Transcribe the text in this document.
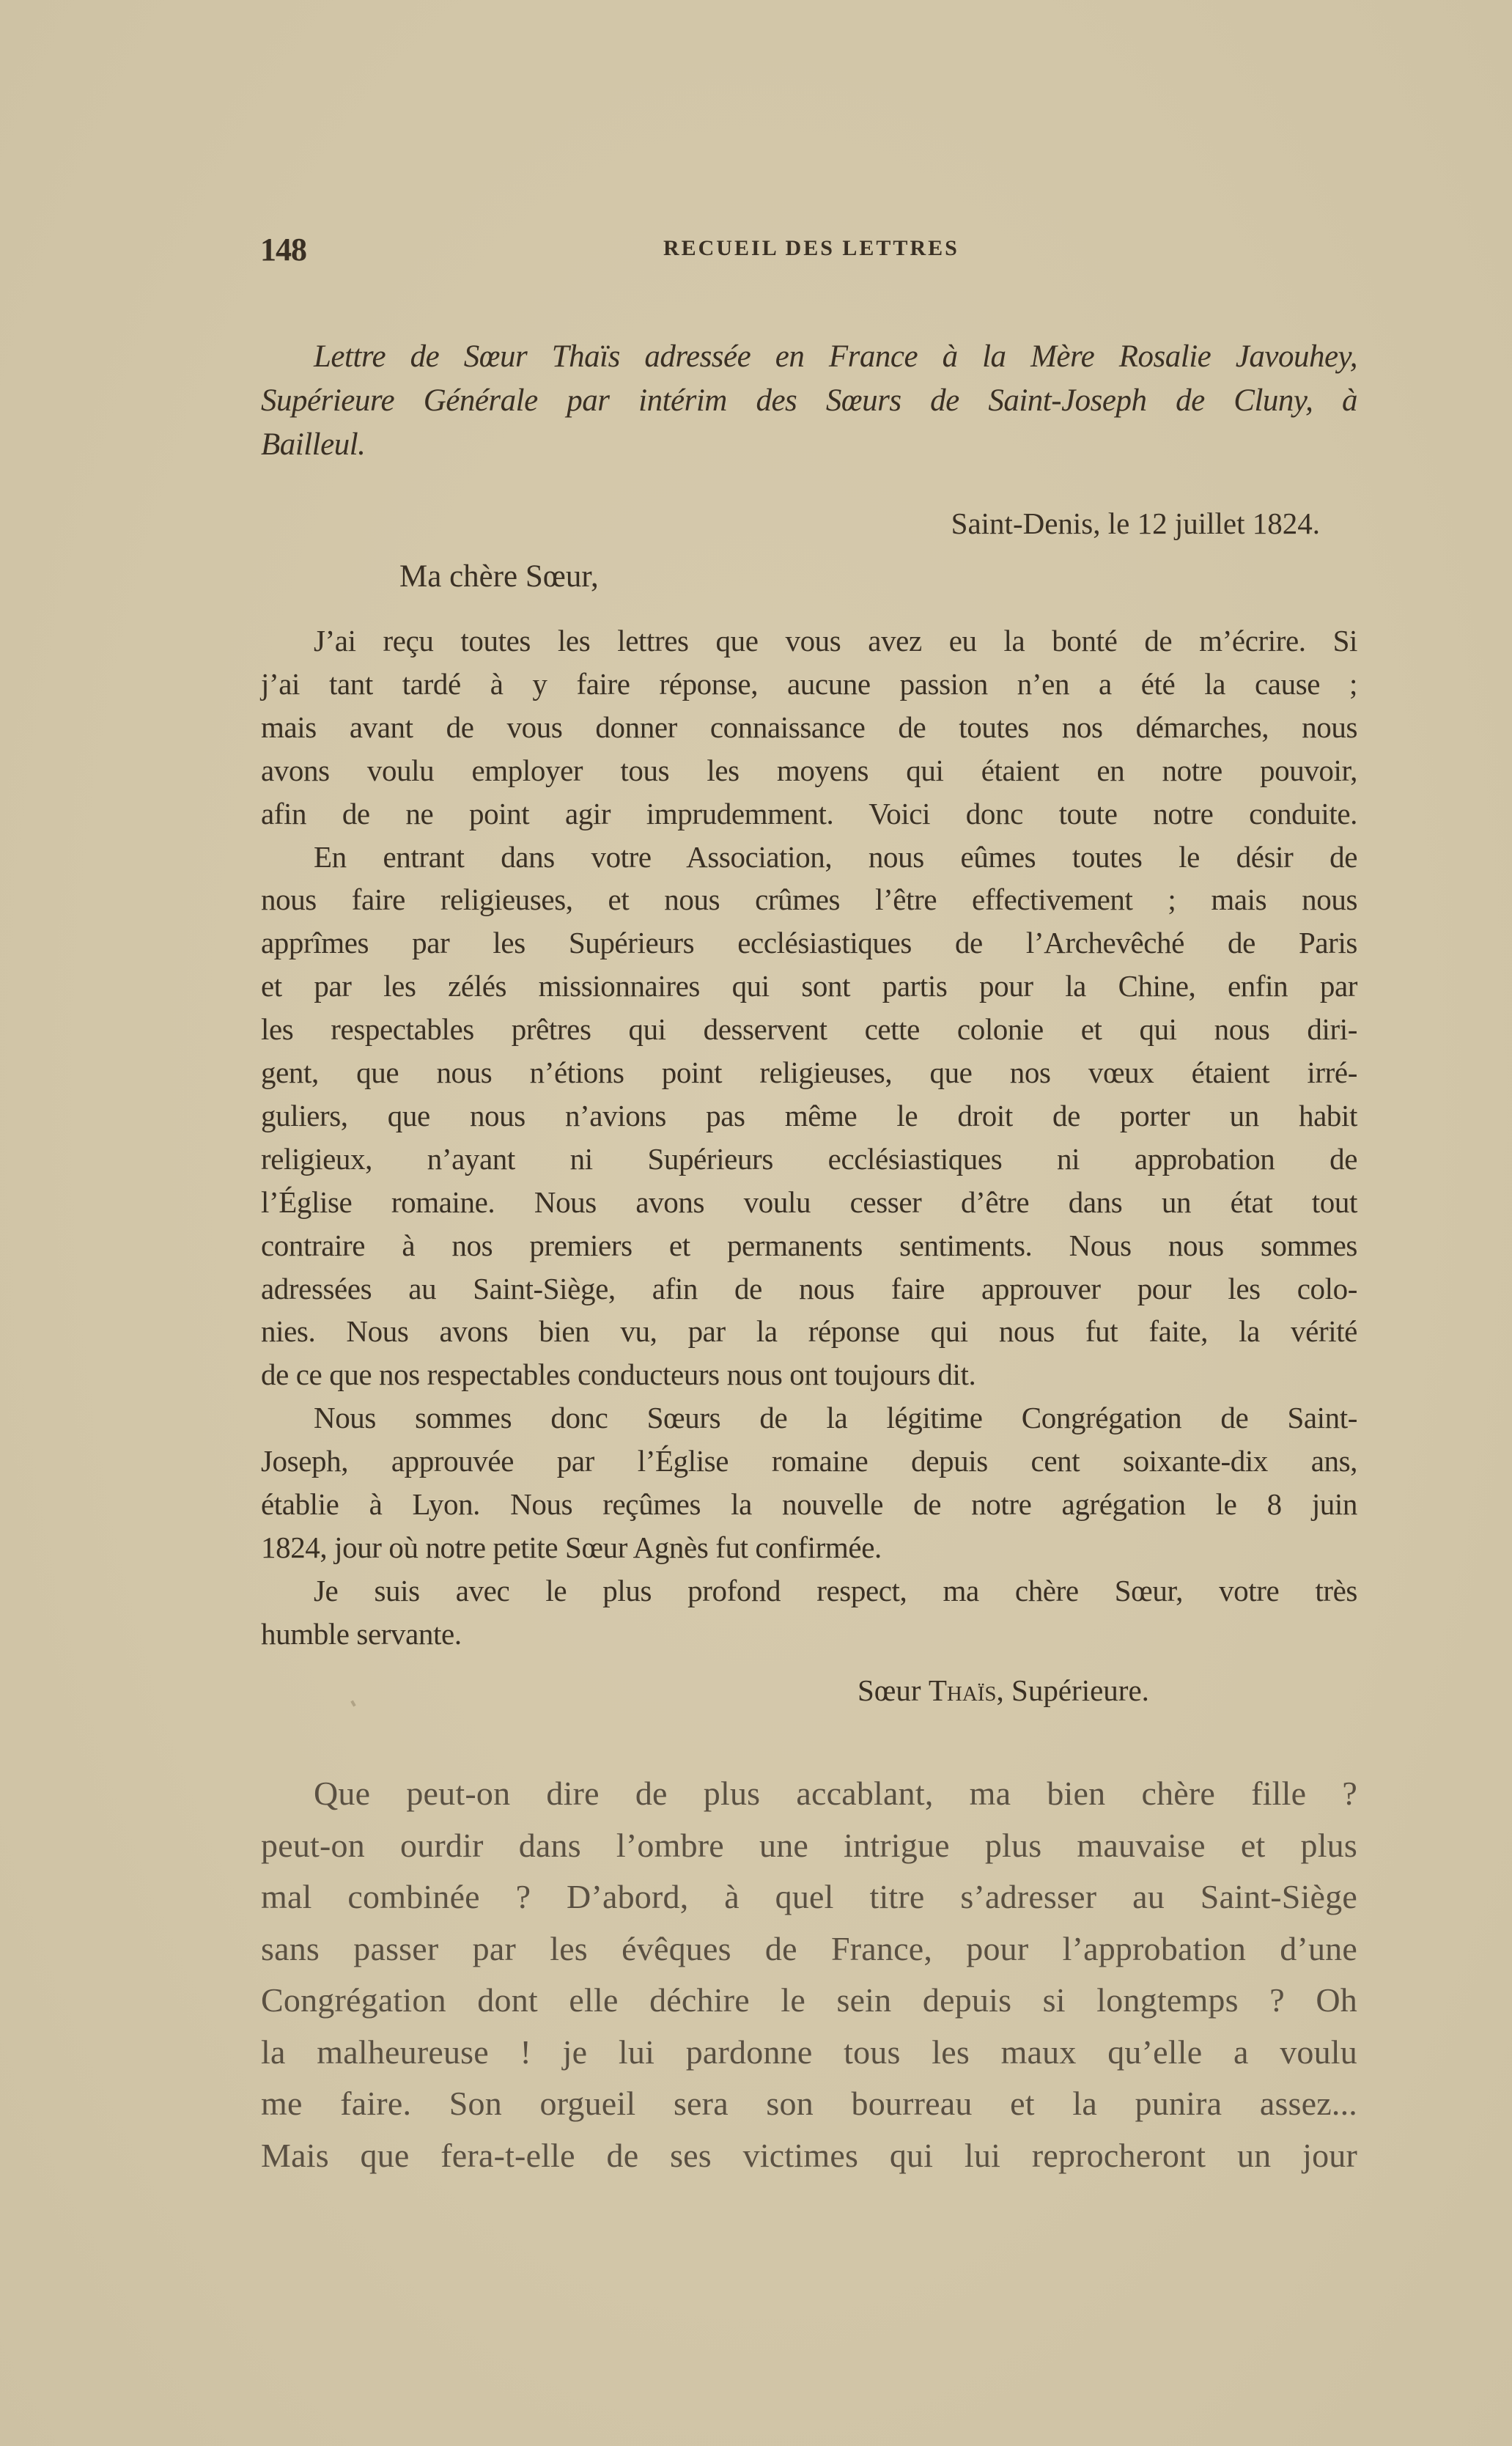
148	RECUEIL DES LETTRES
Lettre de Sœur Thaïs adressée en France à la Mère Rosalie Javouhey,
Supérieure Générale par intérim des Sœurs de Saint-Joseph de Cluny, à
Bailleul.
Saint-Denis, le 12 juillet 1824.
Ma chère Sœur,
J’ai reçu toutes les lettres que vous avez eu la bonté de m’écrire. Si
j’ai tant tardé à y faire réponse, aucune passion n’en a été la cause ;
mais avant de vous donner connaissance de toutes nos démarches, nous
avons voulu employer tous les moyens qui étaient en notre pouvoir,
afin de ne point agir imprudemment. Voici donc toute notre conduite.
En entrant dans votre Association, nous eûmes toutes le désir de
nous faire religieuses, et nous crûmes l’être effectivement ; mais nous
apprîmes par les Supérieurs ecclésiastiques de l’Archevêché de Paris
et par les zélés missionnaires qui sont partis pour la Chine, enfin par
les respectables prêtres qui desservent cette colonie et qui nous diri-
gent, que nous n’étions point religieuses, que nos vœux étaient irré-
guliers, que nous n’avions pas même le droit de porter un habit
religieux, n’ayant ni Supérieurs ecclésiastiques ni approbation de
l’Église romaine. Nous avons voulu cesser d’être dans un état tout
contraire à nos premiers et permanents sentiments. Nous nous sommes
adressées au Saint-Siège, afin de nous faire approuver pour les colo-
nies. Nous avons bien vu, par la réponse qui nous fut faite, la vérité
de ce que nos respectables conducteurs nous ont toujours dit.
Nous sommes donc Sœurs de la légitime Congrégation de Saint-
Joseph, approuvée par l’Église romaine depuis cent soixante-dix ans,
établie à Lyon. Nous reçûmes la nouvelle de notre agrégation le 8 juin
1824, jour où notre petite Sœur Agnès fut confirmée.
Je suis avec le plus profond respect, ma chère Sœur, votre très
humble servante.
Sœur Thaïs, Supérieure.
Que peut-on dire de plus accablant, ma bien chère fille ?
peut-on ourdir dans l’ombre une intrigue plus mauvaise et plus
mal combinée ? D’abord, à quel titre s’adresser au Saint-Siège
sans passer par les évêques de France, pour l’approbation d’une
Congrégation dont elle déchire le sein depuis si longtemps ? Oh
la malheureuse ! je lui pardonne tous les maux qu’elle a voulu
me faire. Son orgueil sera son bourreau et la punira assez...
Mais que fera-t-elle de ses victimes qui lui reprocheront un jour
